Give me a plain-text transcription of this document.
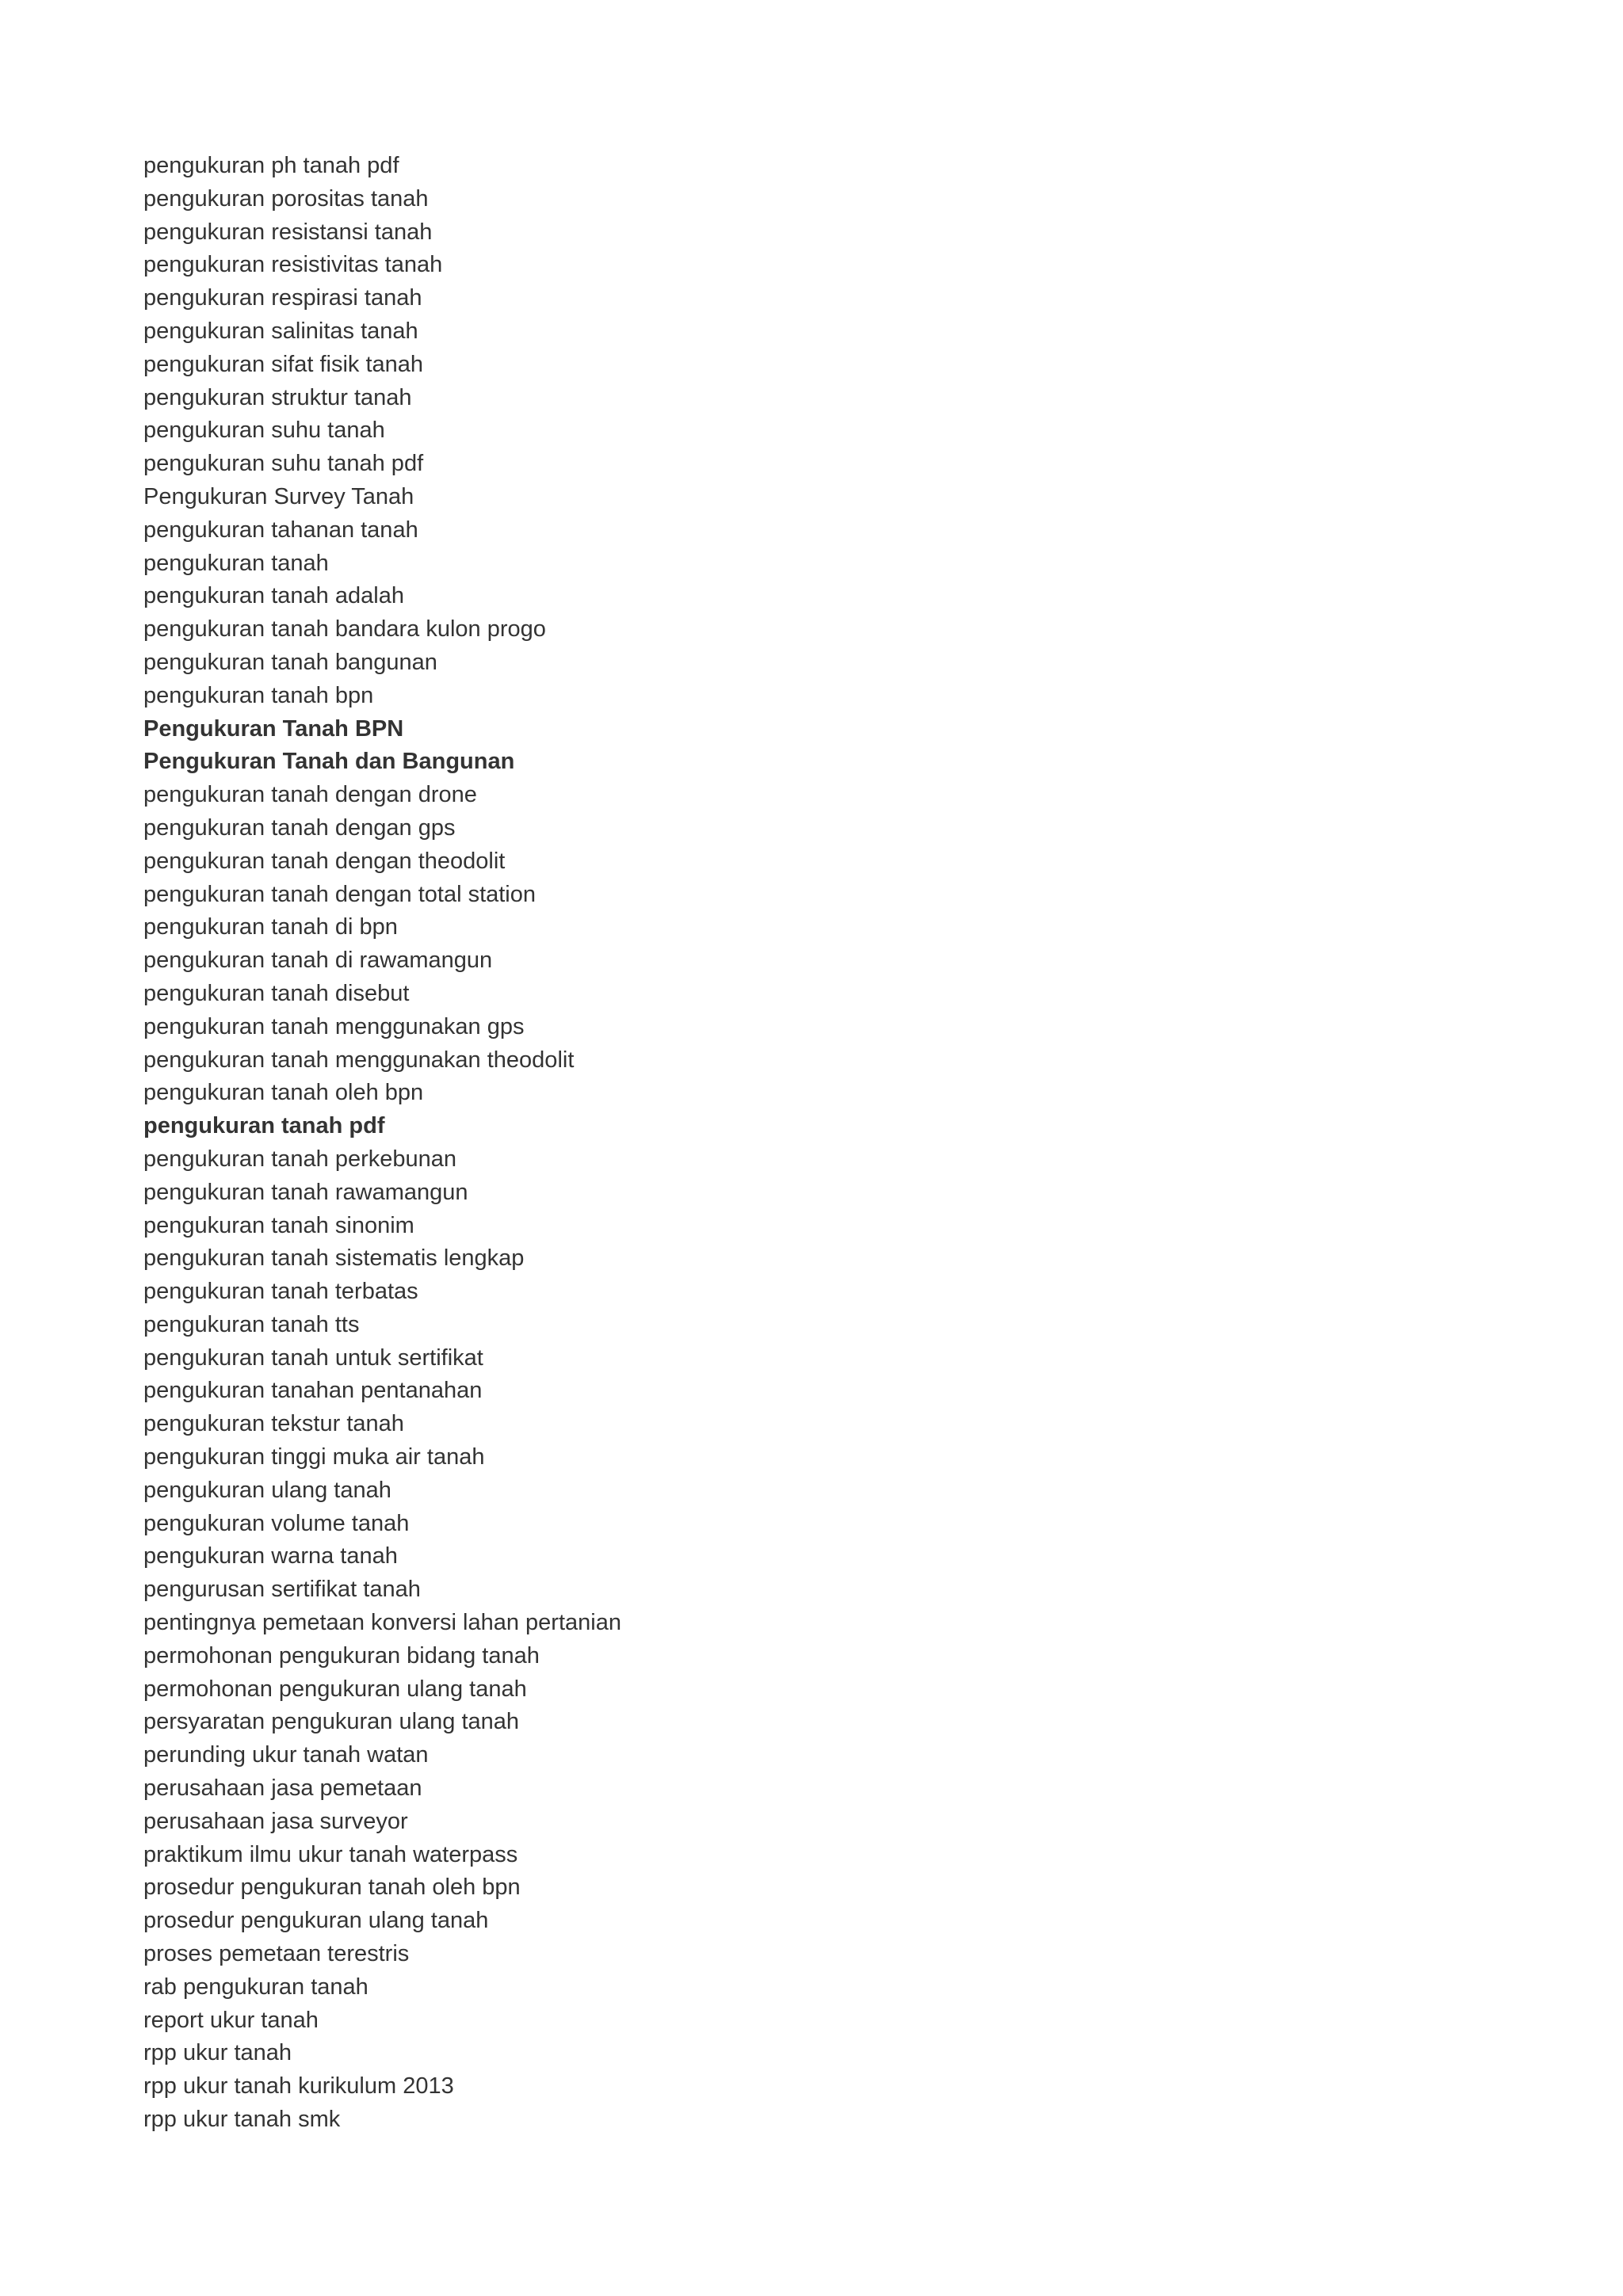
pengukuran ph tanah pdf
pengukuran porositas tanah
pengukuran resistansi tanah
pengukuran resistivitas tanah
pengukuran respirasi tanah
pengukuran salinitas tanah
pengukuran sifat fisik tanah
pengukuran struktur tanah
pengukuran suhu tanah
pengukuran suhu tanah pdf
Pengukuran Survey Tanah
pengukuran tahanan tanah
pengukuran tanah
pengukuran tanah adalah
pengukuran tanah bandara kulon progo
pengukuran tanah bangunan
pengukuran tanah bpn
Pengukuran Tanah BPN
Pengukuran Tanah dan Bangunan
pengukuran tanah dengan drone
pengukuran tanah dengan gps
pengukuran tanah dengan theodolit
pengukuran tanah dengan total station
pengukuran tanah di bpn
pengukuran tanah di rawamangun
pengukuran tanah disebut
pengukuran tanah menggunakan gps
pengukuran tanah menggunakan theodolit
pengukuran tanah oleh bpn
pengukuran tanah pdf
pengukuran tanah perkebunan
pengukuran tanah rawamangun
pengukuran tanah sinonim
pengukuran tanah sistematis lengkap
pengukuran tanah terbatas
pengukuran tanah tts
pengukuran tanah untuk sertifikat
pengukuran tanahan pentanahan
pengukuran tekstur tanah
pengukuran tinggi muka air tanah
pengukuran ulang tanah
pengukuran volume tanah
pengukuran warna tanah
pengurusan sertifikat tanah
pentingnya pemetaan konversi lahan pertanian
permohonan pengukuran bidang tanah
permohonan pengukuran ulang tanah
persyaratan pengukuran ulang tanah
perunding ukur tanah watan
perusahaan jasa pemetaan
perusahaan jasa surveyor
praktikum ilmu ukur tanah waterpass
prosedur pengukuran tanah oleh bpn
prosedur pengukuran ulang tanah
proses pemetaan terestris
rab pengukuran tanah
report ukur tanah
rpp ukur tanah
rpp ukur tanah kurikulum 2013
rpp ukur tanah smk
